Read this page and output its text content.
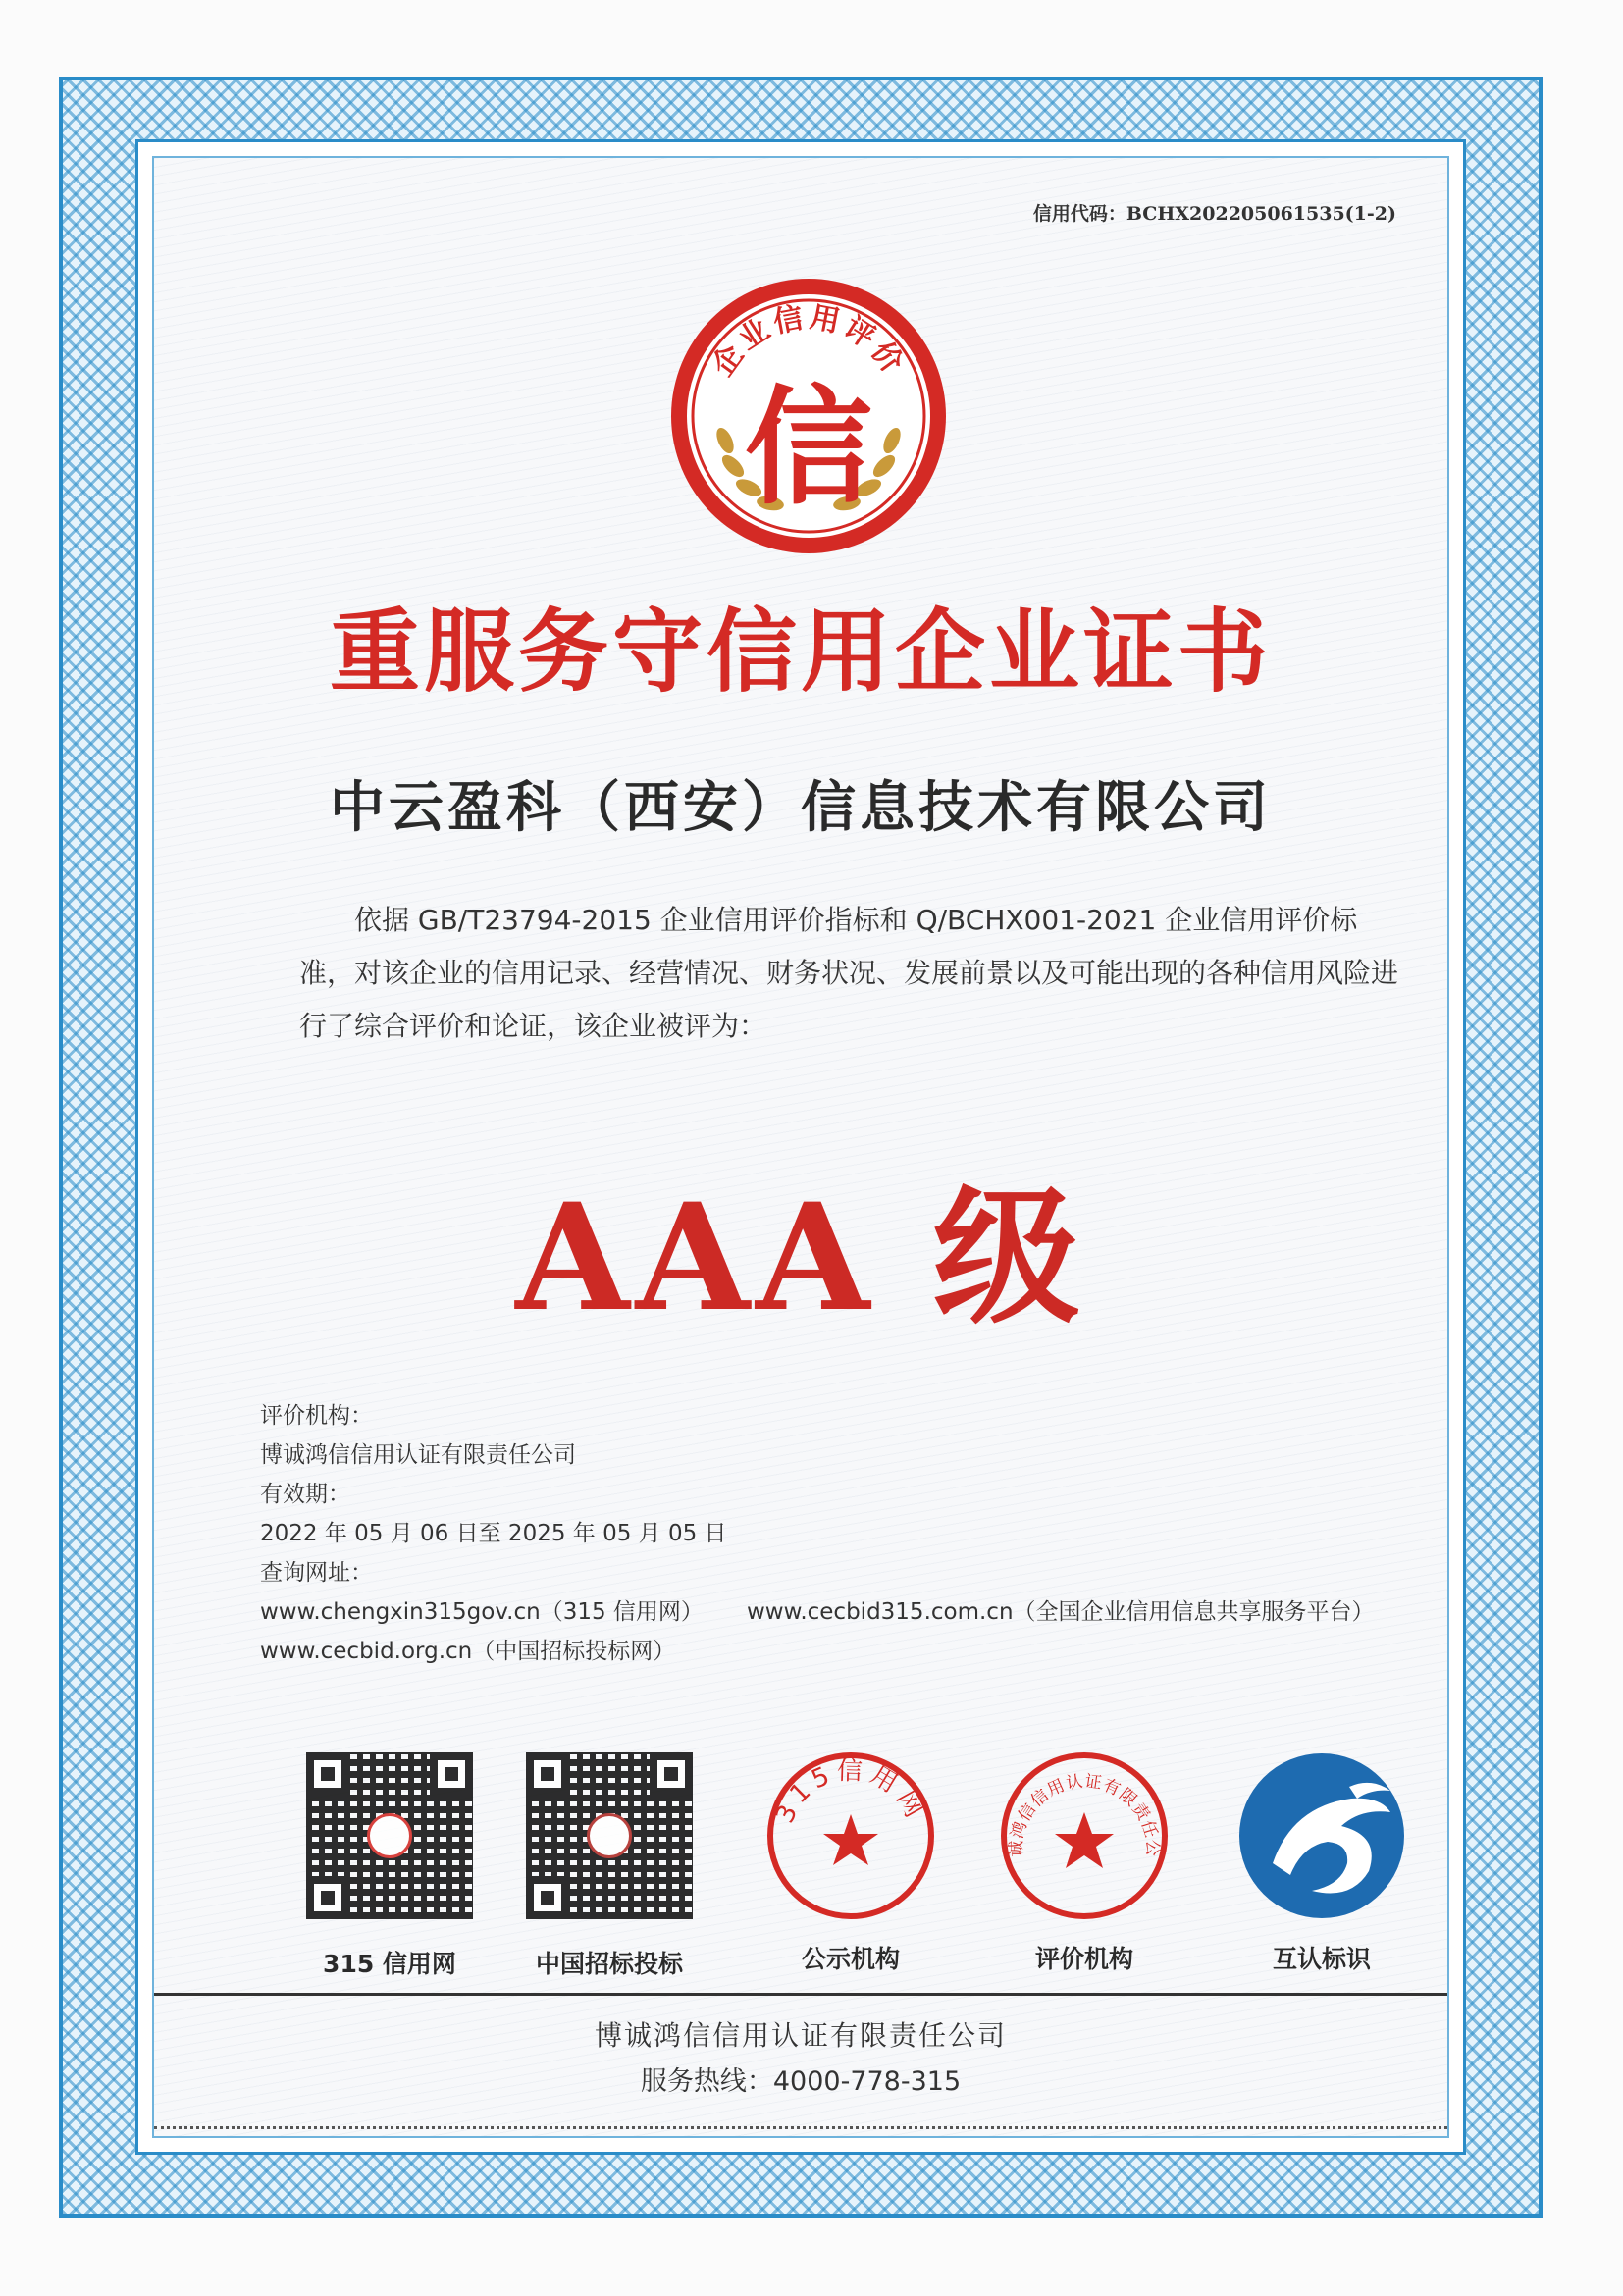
信用代码：BCHX202205061535(1-2)
企业信用评价
信
重服务守信用企业证书
中云盈科（西安）信息技术有限公司
依据 GB/T23794-2015 企业信用评价指标和 Q/BCHX001-2021 企业信用评价标准，对该企业的信用记录、经营情况、财务状况、发展前景以及可能出现的各种信用风险进行了综合评价和论证，该企业被评为：
AAA 级
评价机构：
博诚鸿信信用认证有限责任公司
有效期：
2022 年 05 月 06 日至 2025 年 05 月 05 日
查询网址：
www.chengxin315gov.cn（315 信用网） www.cecbid315.com.cn（全国企业信用信息共享服务平台）
www.cecbid.org.cn（中国招标投标网）
315 信用网	中国招标投标
315信用网
公示机构
诚鸿信信用认证有限责任公
评价机构	互认标识
博诚鸿信信用认证有限责任公司
服务热线：4000-778-315
